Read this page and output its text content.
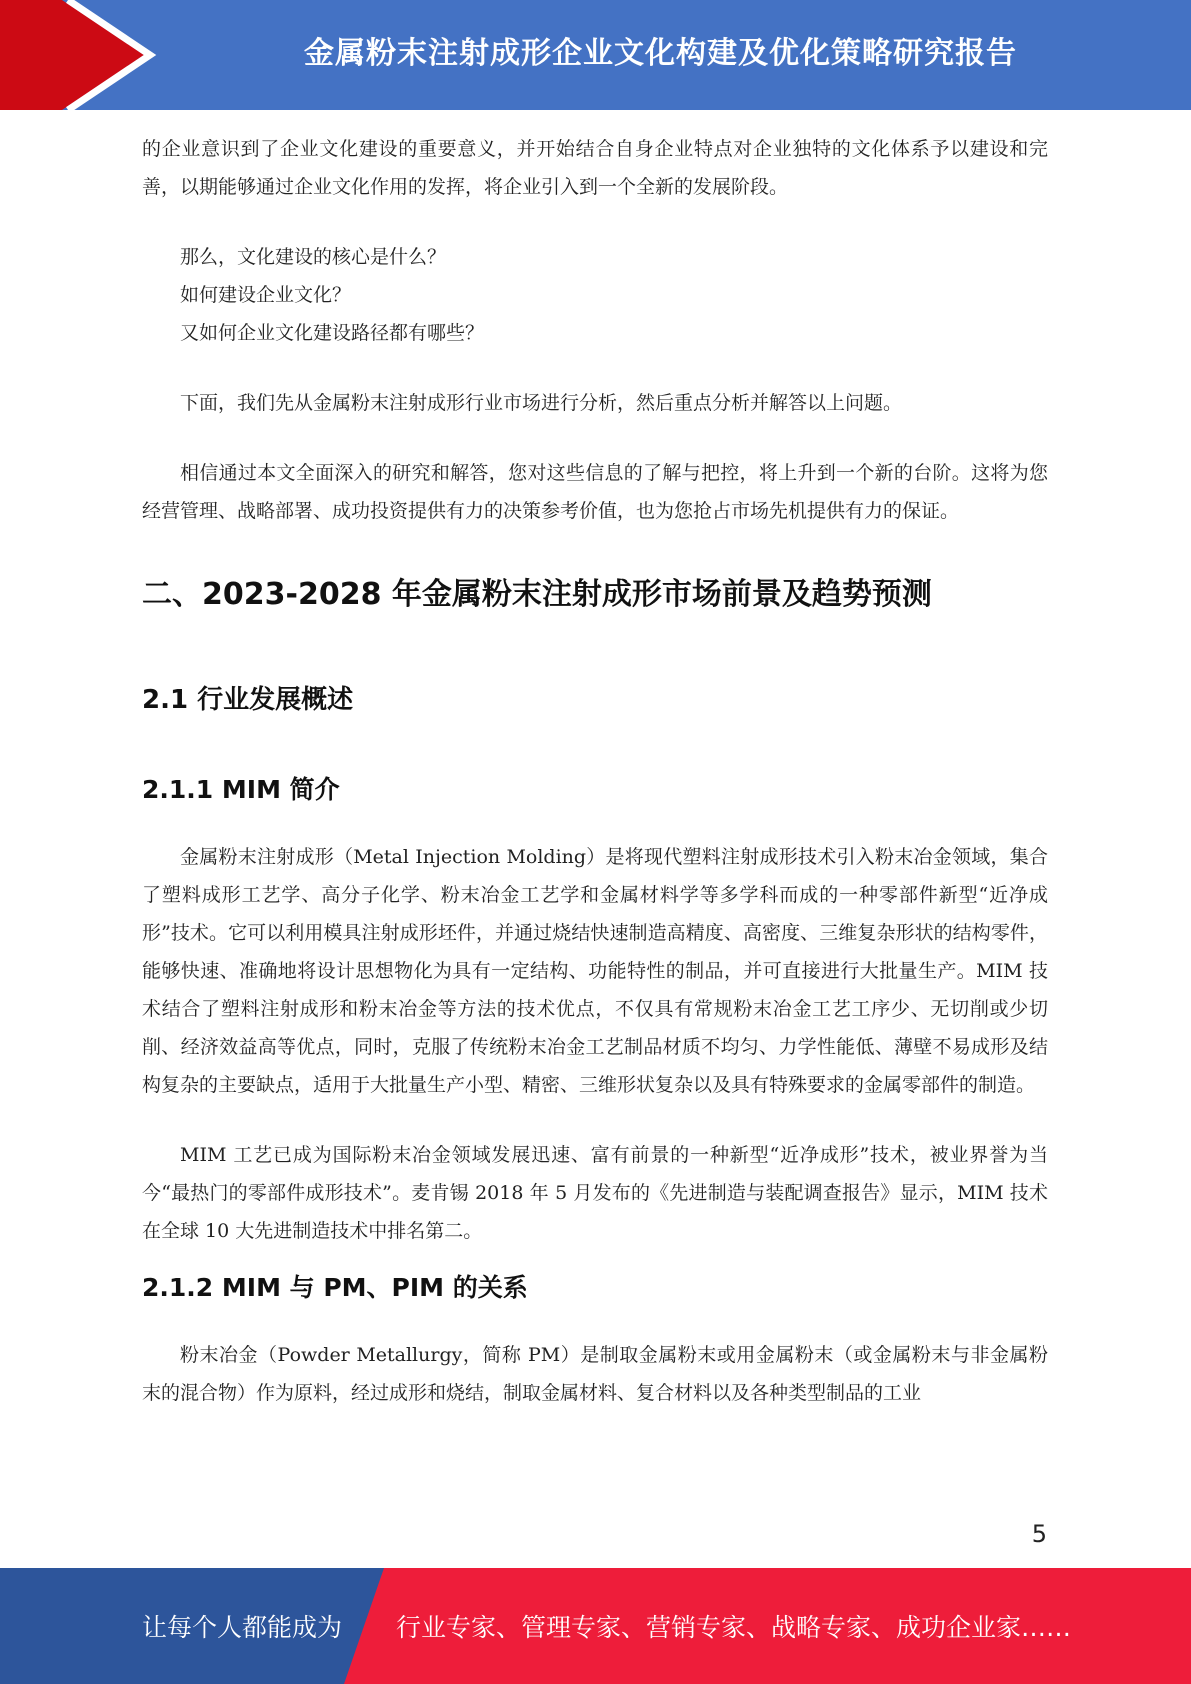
金属粉末注射成形企业文化构建及优化策略研究报告

的企业意识到了企业文化建设的重要意义，并开始结合自身企业特点对企业独特的文化体系予以建设和完善，以期能够通过企业文化作用的发挥，将企业引入到一个全新的发展阶段。

那么，文化建设的核心是什么？

如何建设企业文化？

又如何企业文化建设路径都有哪些？

下面，我们先从金属粉末注射成形行业市场进行分析，然后重点分析并解答以上问题。

相信通过本文全面深入的研究和解答，您对这些信息的了解与把控，将上升到一个新的台阶。这将为您经营管理、战略部署、成功投资提供有力的决策参考价值，也为您抢占市场先机提供有力的保证。

二、2023-2028 年金属粉末注射成形市场前景及趋势预测
2.1 行业发展概述
2.1.1 MIM 简介

金属粉末注射成形（Metal Injection Molding）是将现代塑料注射成形技术引入粉末冶金领域，集合了塑料成形工艺学、高分子化学、粉末冶金工艺学和金属材料学等多学科而成的一种零部件新型“近净成形”技术。它可以利用模具注射成形坯件，并通过烧结快速制造高精度、高密度、三维复杂形状的结构零件，能够快速、准确地将设计思想物化为具有一定结构、功能特性的制品，并可直接进行大批量生产。MIM 技术结合了塑料注射成形和粉末冶金等方法的技术优点，不仅具有常规粉末冶金工艺工序少、无切削或少切削、经济效益高等优点，同时，克服了传统粉末冶金工艺制品材质不均匀、力学性能低、薄壁不易成形及结构复杂的主要缺点，适用于大批量生产小型、精密、三维形状复杂以及具有特殊要求的金属零部件的制造。

MIM 工艺已成为国际粉末冶金领域发展迅速、富有前景的一种新型“近净成形”技术，被业界誉为当今“最热门的零部件成形技术”。麦肯锡 2018 年 5 月发布的《先进制造与装配调查报告》显示，MIM 技术在全球 10 大先进制造技术中排名第二。

2.1.2 MIM 与 PM、PIM 的关系

粉末冶金（Powder Metallurgy，简称 PM）是制取金属粉末或用金属粉末（或金属粉末与非金属粉末的混合物）作为原料，经过成形和烧结，制取金属材料、复合材料以及各种类型制品的工业

5
让每个人都能成为 行业专家、管理专家、营销专家、战略专家、成功企业家……
